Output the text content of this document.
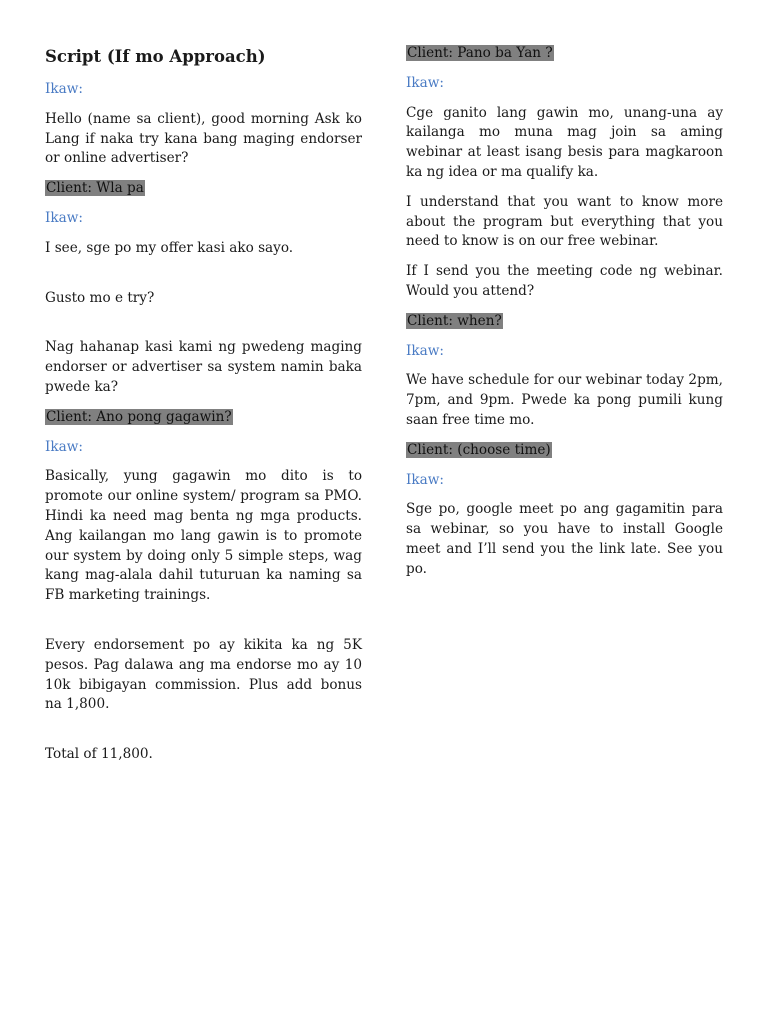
Script (If mo Approach)
Ikaw:
Hello (name sa client), good morning Ask ko Lang if naka try kana bang maging endorser or online advertiser?
Client: Wla pa
Ikaw:
I see, sge po my offer kasi ako sayo.
Gusto mo e try?
Nag hahanap kasi kami ng pwedeng maging endorser or advertiser sa system namin baka pwede ka?
Client: Ano pong gagawin?
Ikaw:
Basically, yung gagawin mo dito is to promote our online system/ program sa PMO. Hindi ka need mag benta ng mga products. Ang kailangan mo lang gawin is to promote our system by doing only 5 simple steps, wag kang mag-alala dahil tuturuan ka naming sa FB marketing trainings.
Every endorsement po ay kikita ka ng 5K pesos. Pag dalawa ang ma endorse mo ay 10 10k bibigayan commission. Plus add bonus na 1,800.
Total of 11,800.
Client: Pano ba Yan ?
Ikaw:
Cge ganito lang gawin mo, unang-una ay kailanga mo muna mag join sa aming webinar at least isang besis para magkaroon ka ng idea or ma qualify ka.
I understand that you want to know more about the program but everything that you need to know is on our free webinar.
If I send you the meeting code ng webinar. Would you attend?
Client: when?
Ikaw:
We have schedule for our webinar today 2pm, 7pm, and 9pm. Pwede ka pong pumili kung saan free time mo.
Client: (choose time)
Ikaw:
Sge po, google meet po ang gagamitin para sa webinar, so you have to install Google meet and I’ll send you the link late. See you po.
